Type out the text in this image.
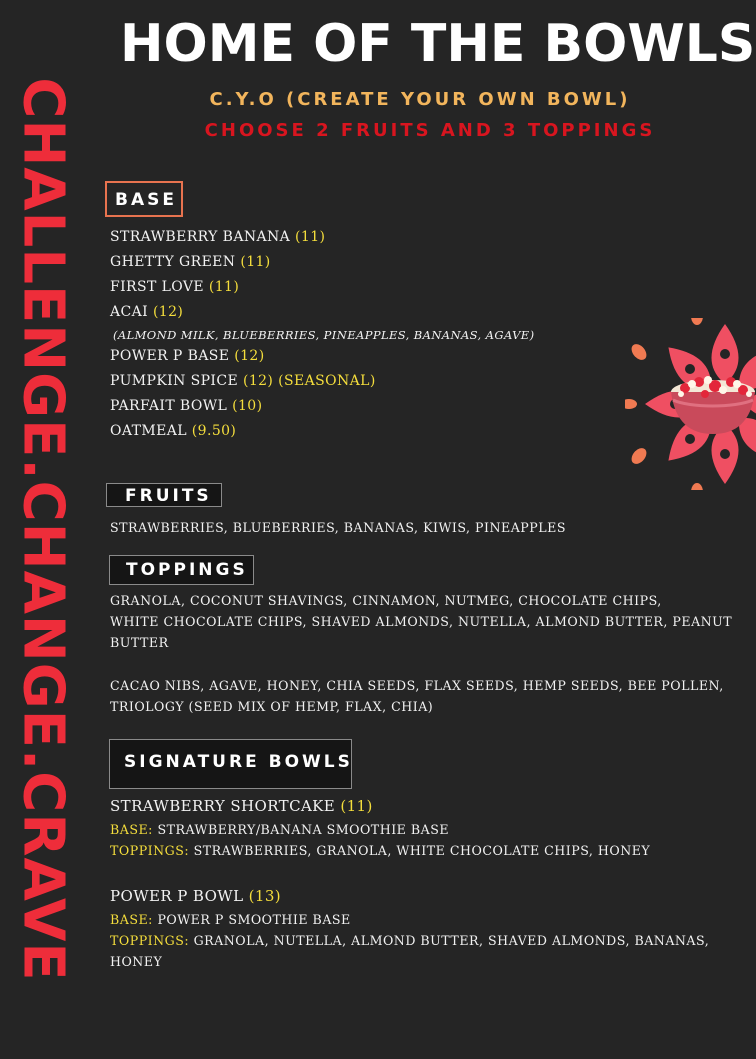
CHALLENGE.CHANGE.CRAVE
HOME OF THE BOWLS
C.Y.O (CREATE YOUR OWN BOWL)
CHOOSE 2 FRUITS AND 3 TOPPINGS
BASE
STRAWBERRY BANANA (11)
GHETTY GREEN (11)
FIRST LOVE (11)
ACAI (12)
(ALMOND MILK, BLUEBERRIES, PINEAPPLES, BANANAS, AGAVE)
POWER P BASE (12)
PUMPKIN SPICE (12) (SEASONAL)
PARFAIT BOWL (10)
OATMEAL (9.50)
FRUITS
STRAWBERRIES, BLUEBERRIES, BANANAS, KIWIS, PINEAPPLES
TOPPINGS
GRANOLA, COCONUT SHAVINGS, CINNAMON, NUTMEG, CHOCOLATE CHIPS,
WHITE CHOCOLATE CHIPS, SHAVED ALMONDS, NUTELLA, ALMOND BUTTER, PEANUT
BUTTER
CACAO NIBS, AGAVE, HONEY, CHIA SEEDS, FLAX SEEDS, HEMP SEEDS, BEE POLLEN,
TRIOLOGY (SEED MIX OF HEMP, FLAX, CHIA)
SIGNATURE BOWLS
STRAWBERRY SHORTCAKE (11)
BASE: STRAWBERRY/BANANA SMOOTHIE BASE
TOPPINGS: STRAWBERRIES, GRANOLA, WHITE CHOCOLATE CHIPS, HONEY
POWER P BOWL (13)
BASE: POWER P SMOOTHIE BASE
TOPPINGS: GRANOLA, NUTELLA, ALMOND BUTTER, SHAVED ALMONDS, BANANAS,
HONEY
